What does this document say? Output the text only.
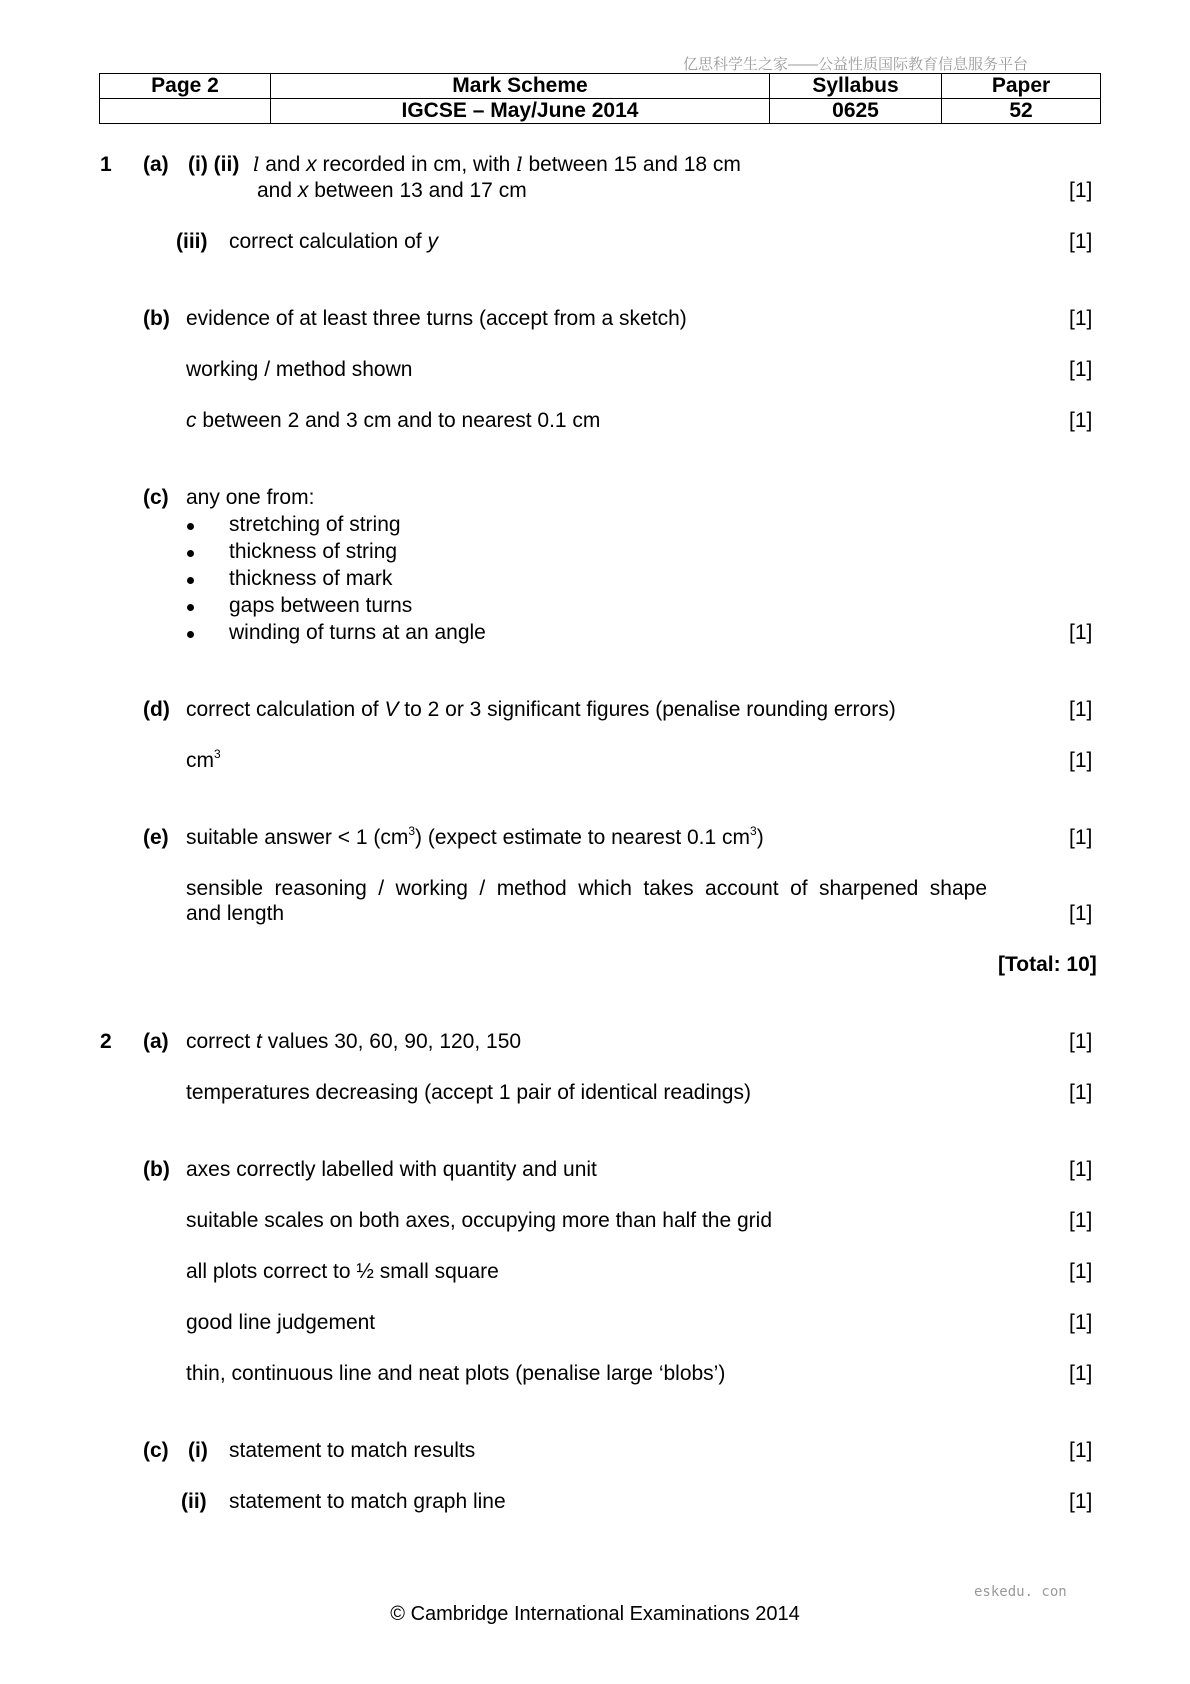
亿思科学生之家——公益性质国际教育信息服务平台
Page 2	Mark Scheme	Syllabus	Paper
	IGCSE – May/June 2014	0625	52
1 (a) (i) (ii) l and x recorded in cm, with l between 15 and 18 cm
and x between 13 and 17 cm	[1]
(iii) correct calculation of y	[1]
(b) evidence of at least three turns (accept from a sketch)	[1]
working / method shown	[1]
c between 2 and 3 cm and to nearest 0.1 cm	[1]
(c) any one from:
stretching of string
thickness of string
thickness of mark
gaps between turns
winding of turns at an angle	[1]
(d) correct calculation of V to 2 or 3 significant figures (penalise rounding errors)	[1]
$cm^3$	[1]
(e) suitable answer < 1 $(cm^3)$ (expect estimate to nearest 0.1 $cm^3$)	[1]
sensible reasoning / working / method which takes account of sharpened shape
and length	[1]
[Total: 10]
2 (a) correct t values 30, 60, 90, 120, 150	[1]
temperatures decreasing (accept 1 pair of identical readings)	[1]
(b) axes correctly labelled with quantity and unit	[1]
suitable scales on both axes, occupying more than half the grid	[1]
all plots correct to ½ small square	[1]
good line judgement	[1]
thin, continuous line and neat plots (penalise large ‘blobs’)	[1]
(c) (i) statement to match results	[1]
(ii) statement to match graph line	[1]
eskedu. con
© Cambridge International Examinations 2014
